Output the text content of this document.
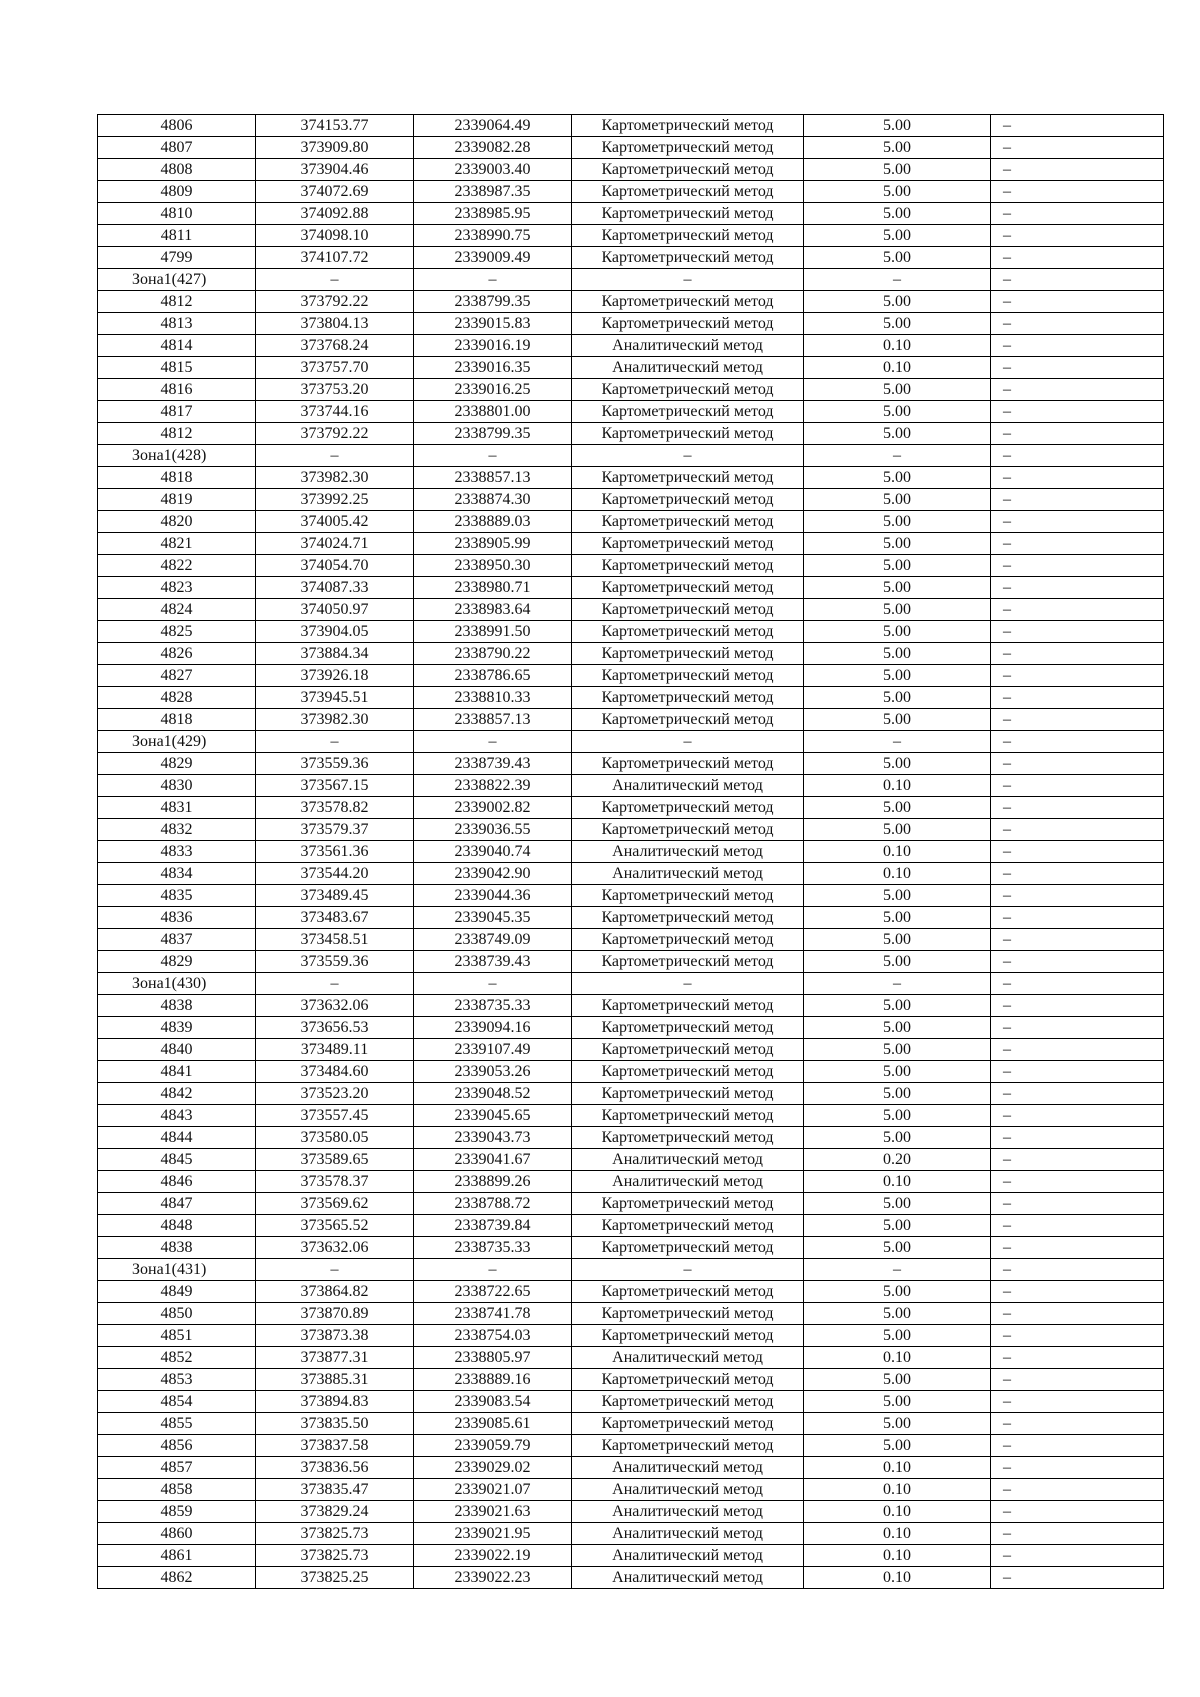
4806	374153.77	2339064.49	Картометрический метод	5.00	–
4807	373909.80	2339082.28	Картометрический метод	5.00	–
4808	373904.46	2339003.40	Картометрический метод	5.00	–
4809	374072.69	2338987.35	Картометрический метод	5.00	–
4810	374092.88	2338985.95	Картометрический метод	5.00	–
4811	374098.10	2338990.75	Картометрический метод	5.00	–
4799	374107.72	2339009.49	Картометрический метод	5.00	–
Зона1(427)	–	–	–	–	–
4812	373792.22	2338799.35	Картометрический метод	5.00	–
4813	373804.13	2339015.83	Картометрический метод	5.00	–
4814	373768.24	2339016.19	Аналитический метод	0.10	–
4815	373757.70	2339016.35	Аналитический метод	0.10	–
4816	373753.20	2339016.25	Картометрический метод	5.00	–
4817	373744.16	2338801.00	Картометрический метод	5.00	–
4812	373792.22	2338799.35	Картометрический метод	5.00	–
Зона1(428)	–	–	–	–	–
4818	373982.30	2338857.13	Картометрический метод	5.00	–
4819	373992.25	2338874.30	Картометрический метод	5.00	–
4820	374005.42	2338889.03	Картометрический метод	5.00	–
4821	374024.71	2338905.99	Картометрический метод	5.00	–
4822	374054.70	2338950.30	Картометрический метод	5.00	–
4823	374087.33	2338980.71	Картометрический метод	5.00	–
4824	374050.97	2338983.64	Картометрический метод	5.00	–
4825	373904.05	2338991.50	Картометрический метод	5.00	–
4826	373884.34	2338790.22	Картометрический метод	5.00	–
4827	373926.18	2338786.65	Картометрический метод	5.00	–
4828	373945.51	2338810.33	Картометрический метод	5.00	–
4818	373982.30	2338857.13	Картометрический метод	5.00	–
Зона1(429)	–	–	–	–	–
4829	373559.36	2338739.43	Картометрический метод	5.00	–
4830	373567.15	2338822.39	Аналитический метод	0.10	–
4831	373578.82	2339002.82	Картометрический метод	5.00	–
4832	373579.37	2339036.55	Картометрический метод	5.00	–
4833	373561.36	2339040.74	Аналитический метод	0.10	–
4834	373544.20	2339042.90	Аналитический метод	0.10	–
4835	373489.45	2339044.36	Картометрический метод	5.00	–
4836	373483.67	2339045.35	Картометрический метод	5.00	–
4837	373458.51	2338749.09	Картометрический метод	5.00	–
4829	373559.36	2338739.43	Картометрический метод	5.00	–
Зона1(430)	–	–	–	–	–
4838	373632.06	2338735.33	Картометрический метод	5.00	–
4839	373656.53	2339094.16	Картометрический метод	5.00	–
4840	373489.11	2339107.49	Картометрический метод	5.00	–
4841	373484.60	2339053.26	Картометрический метод	5.00	–
4842	373523.20	2339048.52	Картометрический метод	5.00	–
4843	373557.45	2339045.65	Картометрический метод	5.00	–
4844	373580.05	2339043.73	Картометрический метод	5.00	–
4845	373589.65	2339041.67	Аналитический метод	0.20	–
4846	373578.37	2338899.26	Аналитический метод	0.10	–
4847	373569.62	2338788.72	Картометрический метод	5.00	–
4848	373565.52	2338739.84	Картометрический метод	5.00	–
4838	373632.06	2338735.33	Картометрический метод	5.00	–
Зона1(431)	–	–	–	–	–
4849	373864.82	2338722.65	Картометрический метод	5.00	–
4850	373870.89	2338741.78	Картометрический метод	5.00	–
4851	373873.38	2338754.03	Картометрический метод	5.00	–
4852	373877.31	2338805.97	Аналитический метод	0.10	–
4853	373885.31	2338889.16	Картометрический метод	5.00	–
4854	373894.83	2339083.54	Картометрический метод	5.00	–
4855	373835.50	2339085.61	Картометрический метод	5.00	–
4856	373837.58	2339059.79	Картометрический метод	5.00	–
4857	373836.56	2339029.02	Аналитический метод	0.10	–
4858	373835.47	2339021.07	Аналитический метод	0.10	–
4859	373829.24	2339021.63	Аналитический метод	0.10	–
4860	373825.73	2339021.95	Аналитический метод	0.10	–
4861	373825.73	2339022.19	Аналитический метод	0.10	–
4862	373825.25	2339022.23	Аналитический метод	0.10	–
